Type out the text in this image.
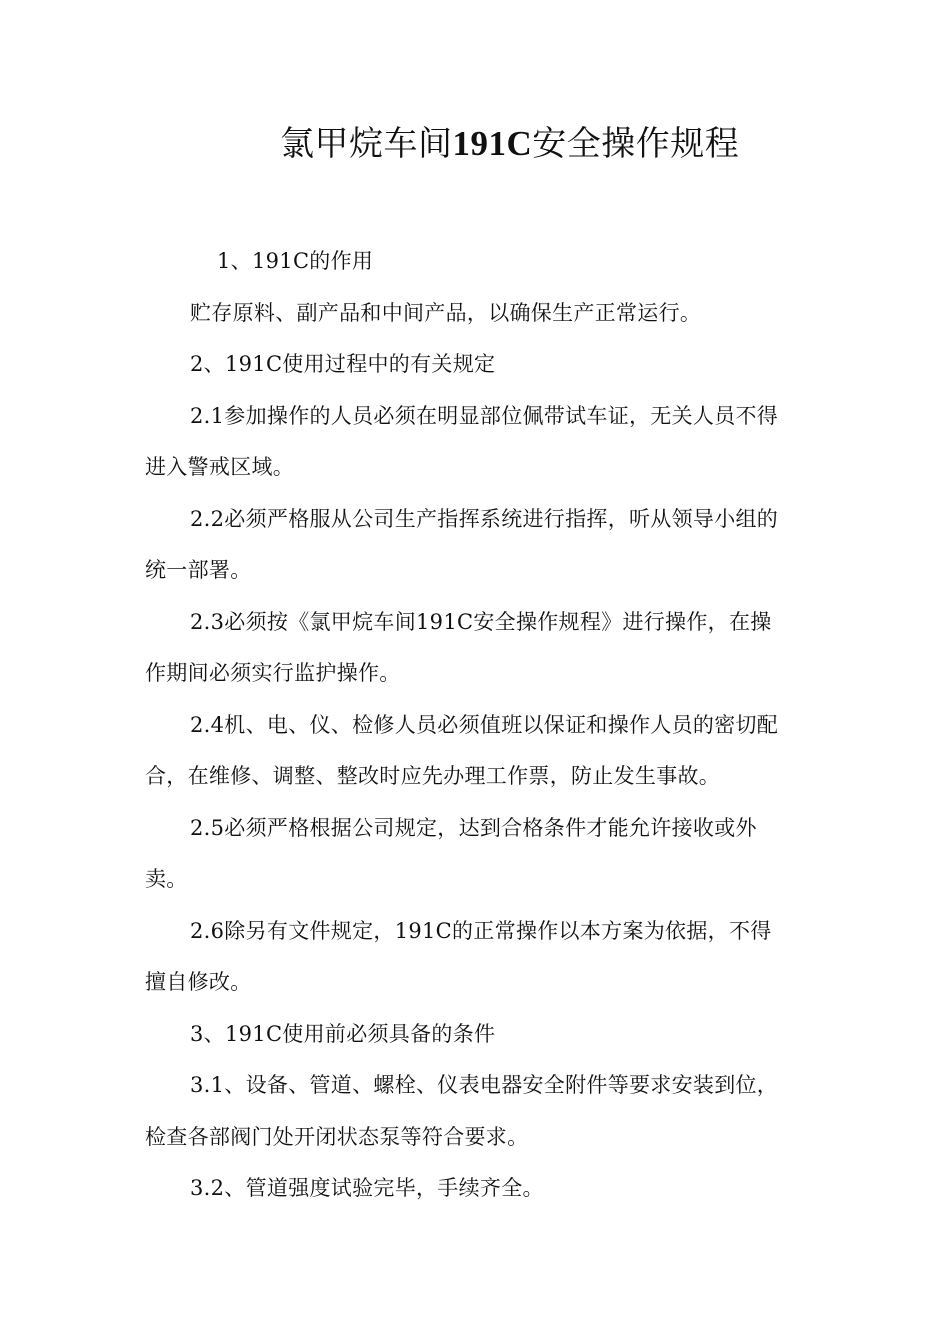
氯甲烷车间191C安全操作规程

1、191C的作用

贮存原料、副产品和中间产品，以确保生产正常运行。

2、191C使用过程中的有关规定

2.1参加操作的人员必须在明显部位佩带试车证，无关人员不得

进入警戒区域。

2.2必须严格服从公司生产指挥系统进行指挥，听从领导小组的

统一部署。

2.3必须按《氯甲烷车间191C安全操作规程》进行操作，在操

作期间必须实行监护操作。

2.4机、电、仪、检修人员必须值班以保证和操作人员的密切配

合，在维修、调整、整改时应先办理工作票，防止发生事故。

2.5必须严格根据公司规定，达到合格条件才能允许接收或外

卖。

2.6除另有文件规定，191C的正常操作以本方案为依据，不得

擅自修改。

3、191C使用前必须具备的条件

3.1、设备、管道、螺栓、仪表电器安全附件等要求安装到位，

检查各部阀门处开闭状态泵等符合要求。

3.2、管道强度试验完毕，手续齐全。
